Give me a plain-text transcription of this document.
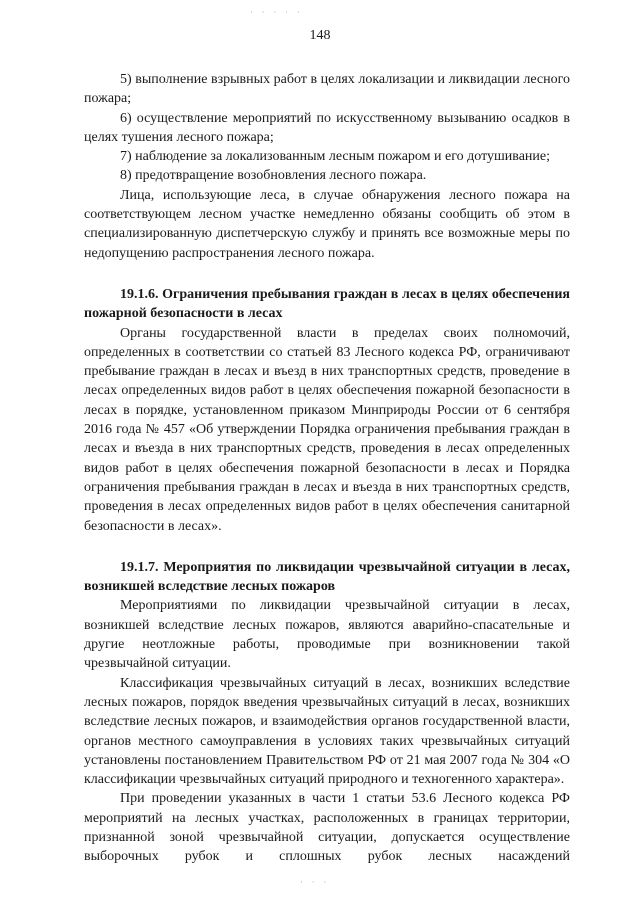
· · · · ·
· · ·
148

5) выполнение взрывных работ в целях локализации и ликвидации лесного пожара;

6) осуществление мероприятий по искусственному вызыванию осадков в целях тушения лесного пожара;

7) наблюдение за локализованным лесным пожаром и его дотушивание;

8) предотвращение возобновления лесного пожара.

Лица, использующие леса, в случае обнаружения лесного пожара на соответствующем лесном участке немедленно обязаны сообщить об этом в специализированную диспетчерскую службу и принять все возможные меры по недопущению распространения лесного пожара.

19.1.6. Ограничения пребывания граждан в лесах в целях обеспечения пожарной безопасности в лесах

Органы государственной власти в пределах своих полномочий, определенных в соответствии со статьей 83 Лесного кодекса РФ, ограничивают пребывание граждан в лесах и въезд в них транспортных средств, проведение в лесах определенных видов работ в целях обеспечения пожарной безопасности в лесах в порядке, установленном приказом Минприроды России от 6 сентября 2016 года № 457 «Об утверждении Порядка ограничения пребывания граждан в лесах и въезда в них транспортных средств, проведения в лесах определенных видов работ в целях обеспечения пожарной безопасности в лесах и Порядка ограничения пребывания граждан в лесах и въезда в них транспортных средств, проведения в лесах определенных видов работ в целях обеспечения санитарной безопасности в лесах».

19.1.7. Мероприятия по ликвидации чрезвычайной ситуации в лесах, возникшей вследствие лесных пожаров

Мероприятиями по ликвидации чрезвычайной ситуации в лесах, возникшей вследствие лесных пожаров, являются аварийно-спасательные и другие неотложные работы, проводимые при возникновении такой чрезвычайной ситуации.

Классификация чрезвычайных ситуаций в лесах, возникших вследствие лесных пожаров, порядок введения чрезвычайных ситуаций в лесах, возникших вследствие лесных пожаров, и взаимодействия органов государственной власти, органов местного самоуправления в условиях таких чрезвычайных ситуаций установлены постановлением Правительством РФ от 21 мая 2007 года № 304 «О классификации чрезвычайных ситуаций природного и техногенного характера».

При проведении указанных в части 1 статьи 53.6 Лесного кодекса РФ мероприятий на лесных участках, расположенных в границах территории, признанной зоной чрезвычайной ситуации, допускается осуществление выборочных рубок и сплошных рубок лесных насаждений
